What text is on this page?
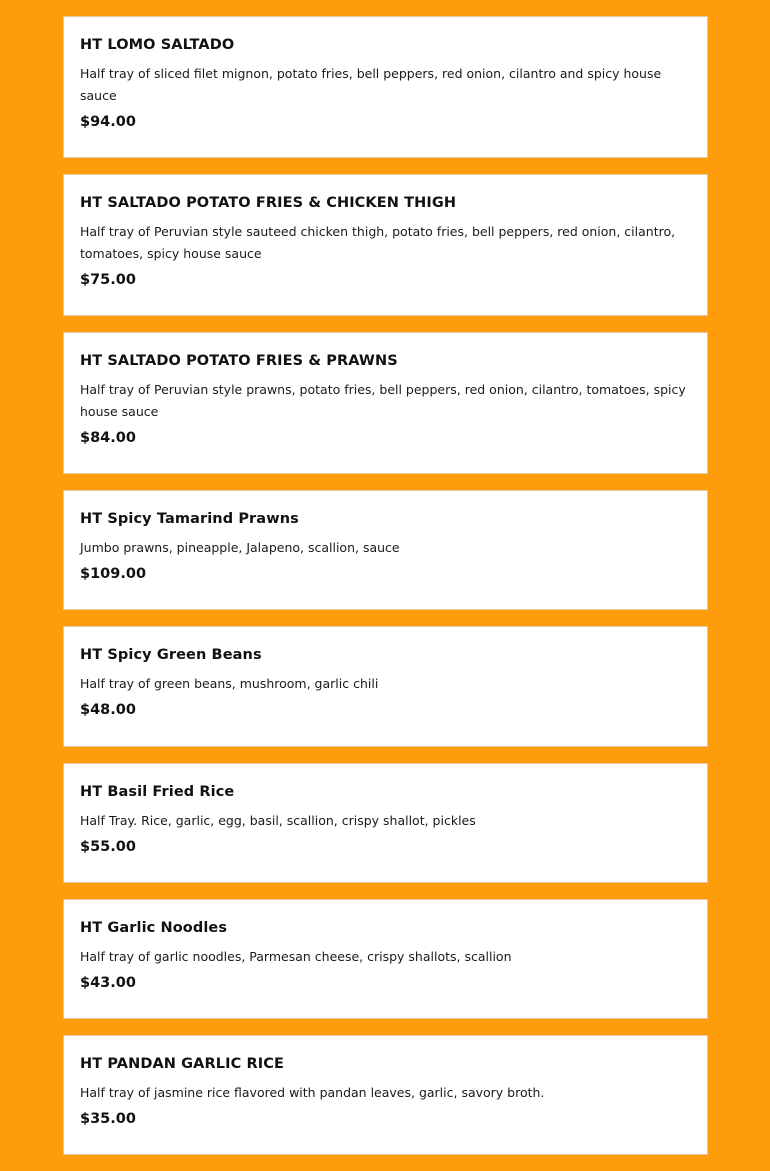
HT LOMO SALTADO
Half tray of sliced filet mignon, potato fries, bell peppers, red onion, cilantro and spicy house sauce
$94.00
HT SALTADO POTATO FRIES & CHICKEN THIGH
Half tray of Peruvian style sauteed chicken thigh, potato fries, bell peppers, red onion, cilantro, tomatoes, spicy house sauce
$75.00
HT SALTADO POTATO FRIES & PRAWNS
Half tray of Peruvian style prawns, potato fries, bell peppers, red onion, cilantro, tomatoes, spicy house sauce
$84.00
HT Spicy Tamarind Prawns
Jumbo prawns, pineapple, Jalapeno, scallion, sauce
$109.00
HT Spicy Green Beans
Half tray of green beans, mushroom, garlic chili
$48.00
HT Basil Fried Rice
Half Tray. Rice, garlic, egg, basil, scallion, crispy shallot, pickles
$55.00
HT Garlic Noodles
Half tray of garlic noodles, Parmesan cheese, crispy shallots, scallion
$43.00
HT PANDAN GARLIC RICE
Half tray of jasmine rice flavored with pandan leaves, garlic, savory broth.
$35.00
